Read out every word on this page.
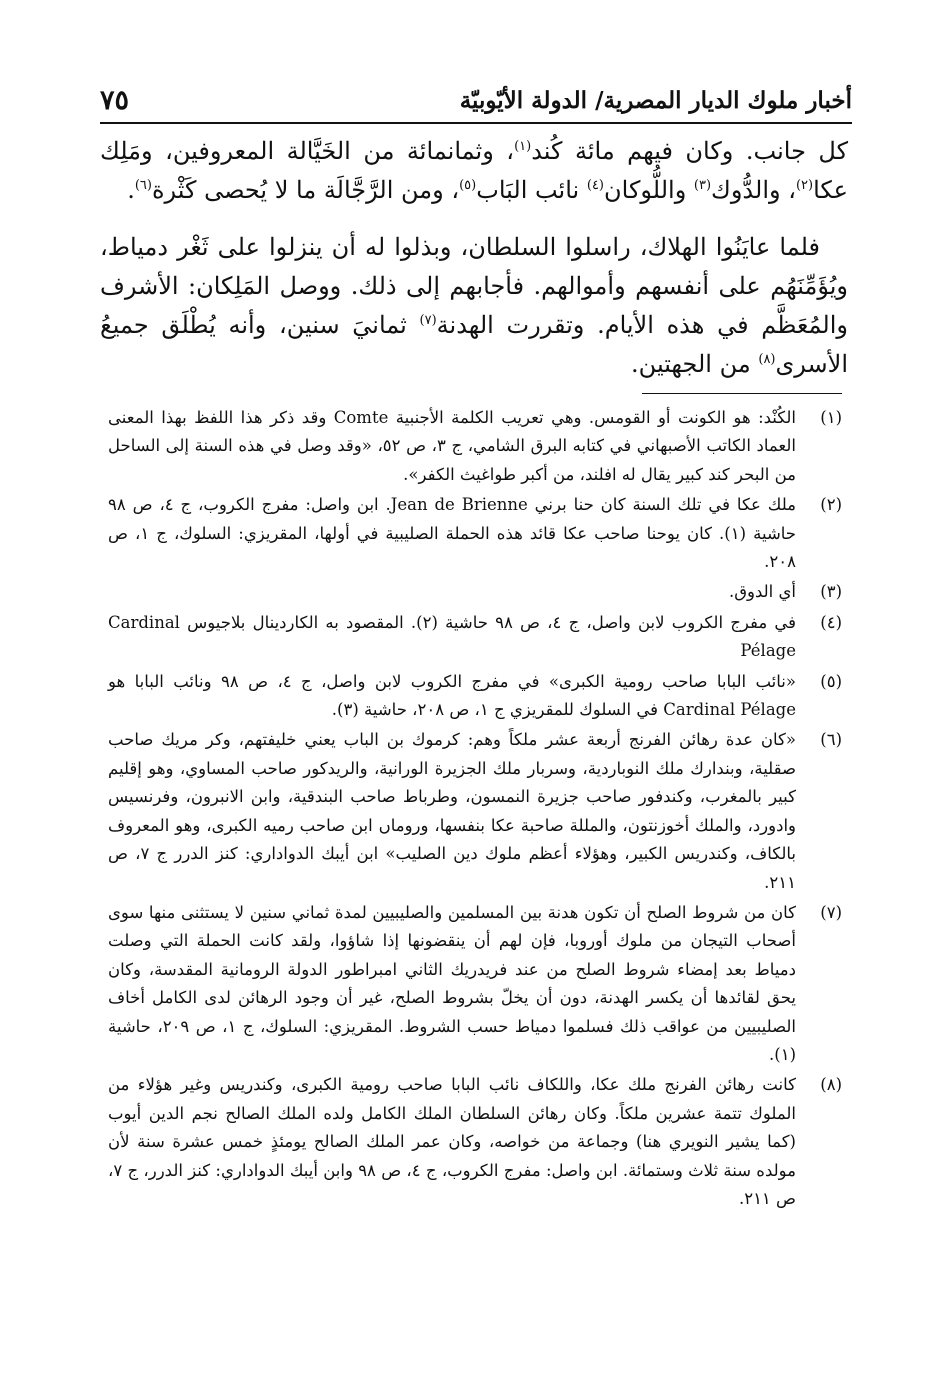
أخبار ملوك الديار المصرية/ الدولة الأيّوبيّة
٧٥

كل جانب. وكان فيهم مائة كُند$^{(١)}$، وثمانمائة من الخَيَّالة المعروفين، ومَلِك عكا$^{(٢)}$، والدُّوك$^{(٣)}$ واللُّوكان$^{(٤)}$ نائب البَاب$^{(٥)}$، ومن الرَّجَّالَة ما لا يُحصى كَثْرة$^{(٦)}$.

فلما عايَنُوا الهلاك، راسلوا السلطان، وبذلوا له أن ينزلوا على ثَغْر دمياط، ويُؤَمِّنَهُم على أنفسهم وأموالهم. فأجابهم إلى ذلك. ووصل المَلِكان: الأشرف والمُعَظَّم في هذه الأيام. وتقررت الهدنة$^{(٧)}$ ثمانيَ سنين، وأنه يُطْلَق جميعُ الأسرى$^{(٨)}$ من الجهتين.

(١)
الكُنْد: هو الكونت أو القومس. وهي تعريب الكلمة الأجنبية Comte وقد ذكر هذا اللفظ بهذا المعنى العماد الكاتب الأصبهاني في كتابه البرق الشامي، ج ٣، ص ٥٢، «وقد وصل في هذه السنة إلى الساحل من البحر كند كبير يقال له افلند، من أكبر طواغيث الكفر».
(٢)
ملك عكا في تلك السنة كان حنا برني Jean de Brienne. ابن واصل: مفرج الكروب، ج ٤، ص ٩٨ حاشية (١). كان يوحنا صاحب عكا قائد هذه الحملة الصليبية في أولها، المقريزي: السلوك، ج ١، ص ٢٠٨.
(٣)
أي الدوق.
(٤)
في مفرج الكروب لابن واصل، ج ٤، ص ٩٨ حاشية (٢). المقصود به الكاردينال بلاجيوس Cardinal Pélage
(٥)
«نائب البابا صاحب رومية الكبرى» في مفرج الكروب لابن واصل، ج ٤، ص ٩٨ ونائب البابا هو Cardinal Pélage في السلوك للمقريزي ج ١، ص ٢٠٨، حاشية (٣).
(٦)
«كان عدة رهائن الفرنج أربعة عشر ملكاً وهم: كرموك بن الباب يعني خليفتهم، وكر مريك صاحب صقلية، وبندارك ملك النوباردية، وسربار ملك الجزيرة الورانية، والريدكور صاحب المساوي، وهو إقليم كبير بالمغرب، وكندفور صاحب جزيرة النمسون، وطرباط صاحب البندقية، وابن الانبرون، وفرنسيس وادورد، والملك أخوزنتون، والمللة صاحبة عكا بنفسها، وروماں ابن صاحب رميه الكبرى، وهو المعروف بالكاف، وكندريس الكبير، وهؤلاء أعظم ملوك دين الصليب» ابن أيبك الدواداري: كنز الدرر ج ٧، ص ٢١١.
(٧)
كان من شروط الصلح أن تكون هدنة بين المسلمين والصليبيين لمدة ثماني سنين لا يستثنى منها سوى أصحاب التيجان من ملوك أوروبا، فإن لهم أن ينقضونها إذا شاؤوا، ولقد كانت الحملة التي وصلت دمياط بعد إمضاء شروط الصلح من عند فريدريك الثاني امبراطور الدولة الرومانية المقدسة، وكان يحق لقائدها أن يكسر الهدنة، دون أن يخلّ بشروط الصلح، غير أن وجود الرهائن لدى الكامل أخاف الصليبيين من عواقب ذلك فسلموا دمياط حسب الشروط. المقريزي: السلوك، ج ١، ص ٢٠٩، حاشية (١).
(٨)
كانت رهائن الفرنج ملك عكا، واللكاف نائب البابا صاحب رومية الكبرى، وكندريس وغير هؤلاء من الملوك تتمة عشرين ملكاً. وكان رهائن السلطان الملك الكامل ولده الملك الصالح نجم الدين أيوب (كما يشير النويري هنا) وجماعة من خواصه، وكان عمر الملك الصالح يومئذٍ خمس عشرة سنة لأن مولده سنة ثلاث وستمائة. ابن واصل: مفرج الكروب، ج ٤، ص ٩٨ وابن أيبك الدواداري: كنز الدرر، ج ٧، ص ٢١١.
